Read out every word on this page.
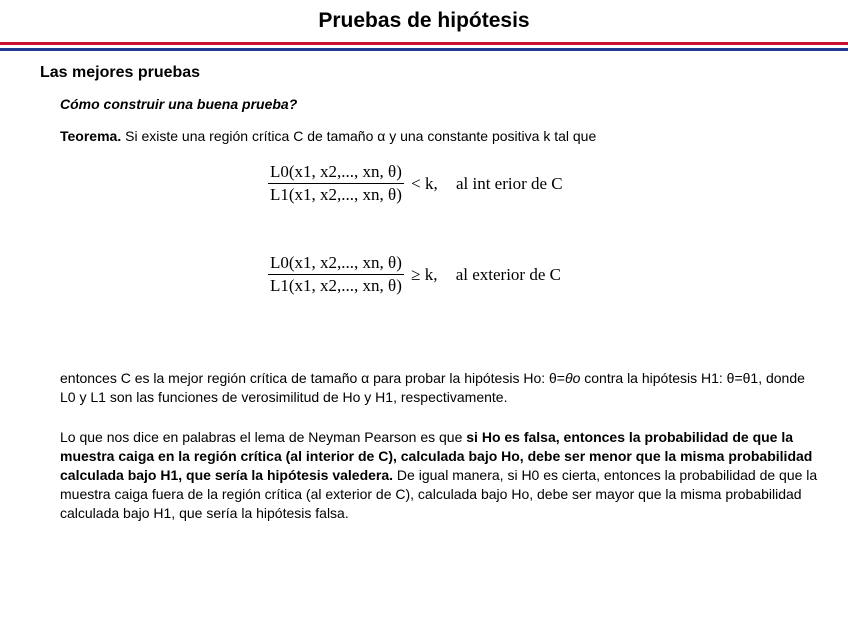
Pruebas de hipótesis
Las mejores pruebas
Cómo construir una buena prueba?
Teorema. Si existe una región crítica C de tamaño α y una constante positiva k tal que
$\frac{L0(x1, x2,..., xn, \theta)}{L1(x1, x2,..., xn, \theta)} < k$, al int erior de C
$\frac{L0(x1, x2,..., xn, \theta)}{L1(x1, x2,..., xn, \theta)} \ge k$, al exterior de C
entonces C es la mejor región crítica de tamaño α para probar la hipótesis Ho: θ=θo contra la hipótesis H1: θ=θ1, donde L0 y L1 son las funciones de verosimilitud de Ho y H1, respectivamente.
Lo que nos dice en palabras el lema de Neyman Pearson es que si Ho es falsa, entonces la probabilidad de que la muestra caiga en la región crítica (al interior de C), calculada bajo Ho, debe ser menor que la misma probabilidad calculada bajo H1, que sería la hipótesis valedera. De igual manera, si H0 es cierta, entonces la probabilidad de que la muestra caiga fuera de la región crítica (al exterior de C), calculada bajo Ho, debe ser mayor que la misma probabilidad calculada bajo H1, que sería la hipótesis falsa.
